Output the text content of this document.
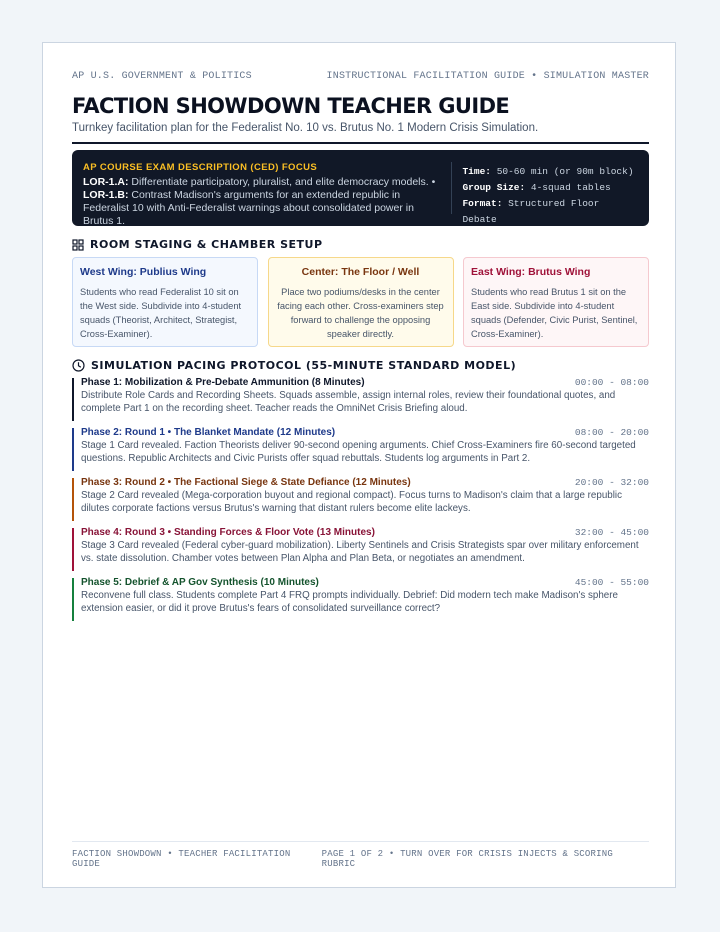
AP U.S. GOVERNMENT & POLITICS	INSTRUCTIONAL FACILITATION GUIDE • SIMULATION MASTER
FACTION SHOWDOWN TEACHER GUIDE
Turnkey facilitation plan for the Federalist No. 10 vs. Brutus No. 1 Modern Crisis Simulation.
AP COURSE EXAM DESCRIPTION (CED) FOCUS
LOR-1.A: Differentiate participatory, pluralist, and elite democracy models. •
LOR-1.B: Contrast Madison's arguments for an extended republic in Federalist 10 with Anti-Federalist warnings about consolidated power in Brutus 1.
Time: 50-60 min (or 90m block)
Group Size: 4-squad tables
Format: Structured Floor Debate
ROOM STAGING & CHAMBER SETUP
West Wing: Publius Wing

Students who read Federalist 10 sit on the West side. Subdivide into 4-student squads (Theorist, Architect, Strategist, Cross-Examiner).

Center: The Floor / Well

Place two podiums/desks in the center facing each other. Cross-examiners step forward to challenge the opposing speaker directly.

East Wing: Brutus Wing

Students who read Brutus 1 sit on the East side. Subdivide into 4-student squads (Defender, Civic Purist, Sentinel, Cross-Examiner).

SIMULATION PACING PROTOCOL (55-MINUTE STANDARD MODEL)
Phase 1: Mobilization & Pre-Debate Ammunition (8 Minutes)	00:00 - 08:00
Distribute Role Cards and Recording Sheets. Squads assemble, assign internal roles, review their foundational quotes, and complete Part 1 on the recording sheet. Teacher reads the OmniNet Crisis Briefing aloud.
Phase 2: Round 1 • The Blanket Mandate (12 Minutes)	08:00 - 20:00
Stage 1 Card revealed. Faction Theorists deliver 90-second opening arguments. Chief Cross-Examiners fire 60-second targeted questions. Republic Architects and Civic Purists offer squad rebuttals. Students log arguments in Part 2.
Phase 3: Round 2 • The Factional Siege & State Defiance (12 Minutes)	20:00 - 32:00
Stage 2 Card revealed (Mega-corporation buyout and regional compact). Focus turns to Madison's claim that a large republic dilutes corporate factions versus Brutus's warning that distant rulers become elite lackeys.
Phase 4: Round 3 • Standing Forces & Floor Vote (13 Minutes)	32:00 - 45:00
Stage 3 Card revealed (Federal cyber-guard mobilization). Liberty Sentinels and Crisis Strategists spar over military enforcement vs. state dissolution. Chamber votes between Plan Alpha and Plan Beta, or negotiates an amendment.
Phase 5: Debrief & AP Gov Synthesis (10 Minutes)	45:00 - 55:00
Reconvene full class. Students complete Part 4 FRQ prompts individually. Debrief: Did modern tech make Madison's sphere extension easier, or did it prove Brutus's fears of consolidated surveillance correct?
FACTION SHOWDOWN • TEACHER FACILITATION GUIDE
PAGE 1 OF 2 • TURN OVER FOR CRISIS INJECTS & SCORING RUBRIC
